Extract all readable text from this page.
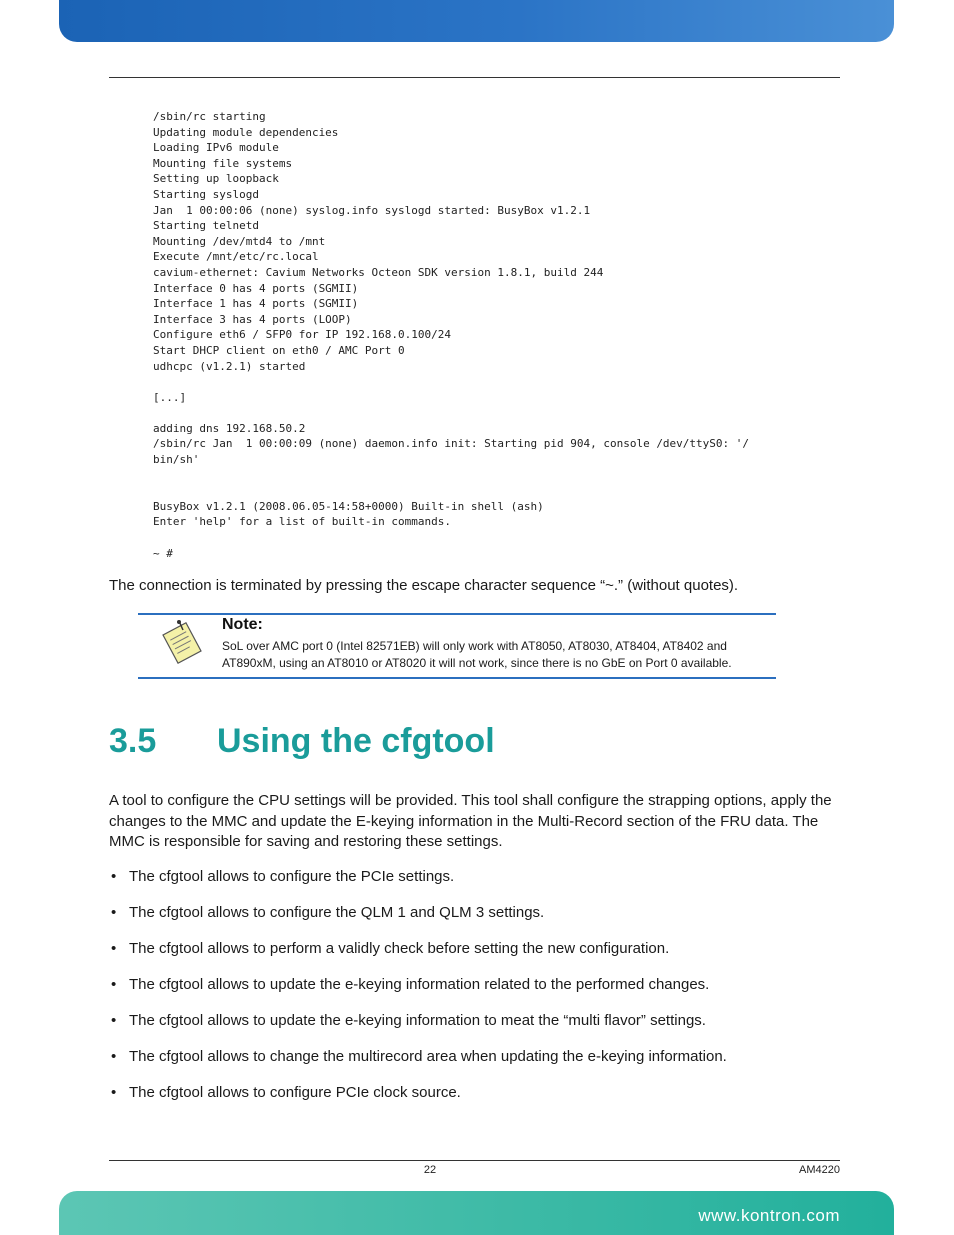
/sbin/rc starting
Updating module dependencies
Loading IPv6 module
Mounting file systems
Setting up loopback
Starting syslogd
Jan  1 00:00:06 (none) syslog.info syslogd started: BusyBox v1.2.1
Starting telnetd
Mounting /dev/mtd4 to /mnt
Execute /mnt/etc/rc.local
cavium-ethernet: Cavium Networks Octeon SDK version 1.8.1, build 244
Interface 0 has 4 ports (SGMII)
Interface 1 has 4 ports (SGMII)
Interface 3 has 4 ports (LOOP)
Configure eth6 / SFP0 for IP 192.168.0.100/24
Start DHCP client on eth0 / AMC Port 0
udhcpc (v1.2.1) started

[...]

adding dns 192.168.50.2
/sbin/rc Jan  1 00:00:09 (none) daemon.info init: Starting pid 904, console /dev/ttyS0: '/
bin/sh'

BusyBox v1.2.1 (2008.06.05-14:58+0000) Built-in shell (ash)
Enter 'help' for a list of built-in commands.

~ #

The connection is terminated by pressing the escape character sequence “~.” (without quotes).

Note:

SoL over AMC port 0 (Intel 82571EB) will only work with AT8050, AT8030, AT8404, AT8402 and AT890xM, using an AT8010 or AT8020 it will not work, since there is no GbE on Port 0 available.

3.5 Using the cfgtool

A tool to configure the CPU settings will be provided. This tool shall configure the strapping options, apply the changes to the MMC and update the E-keying information in the Multi-Record section of the FRU data. The MMC is responsible for saving and restoring these settings.

• The cfgtool allows to configure the PCIe settings.
• The cfgtool allows to configure the QLM 1 and QLM 3 settings.
• The cfgtool allows to perform a validly check before setting the new configuration.
• The cfgtool allows to update the e-keying information related to the performed changes.
• The cfgtool allows to update the e-keying information to meat the “multi flavor” settings.
• The cfgtool allows to change the multirecord area when updating the e-keying information.
• The cfgtool allows to configure PCIe clock source.
22	AM4220
www.kontron.com
